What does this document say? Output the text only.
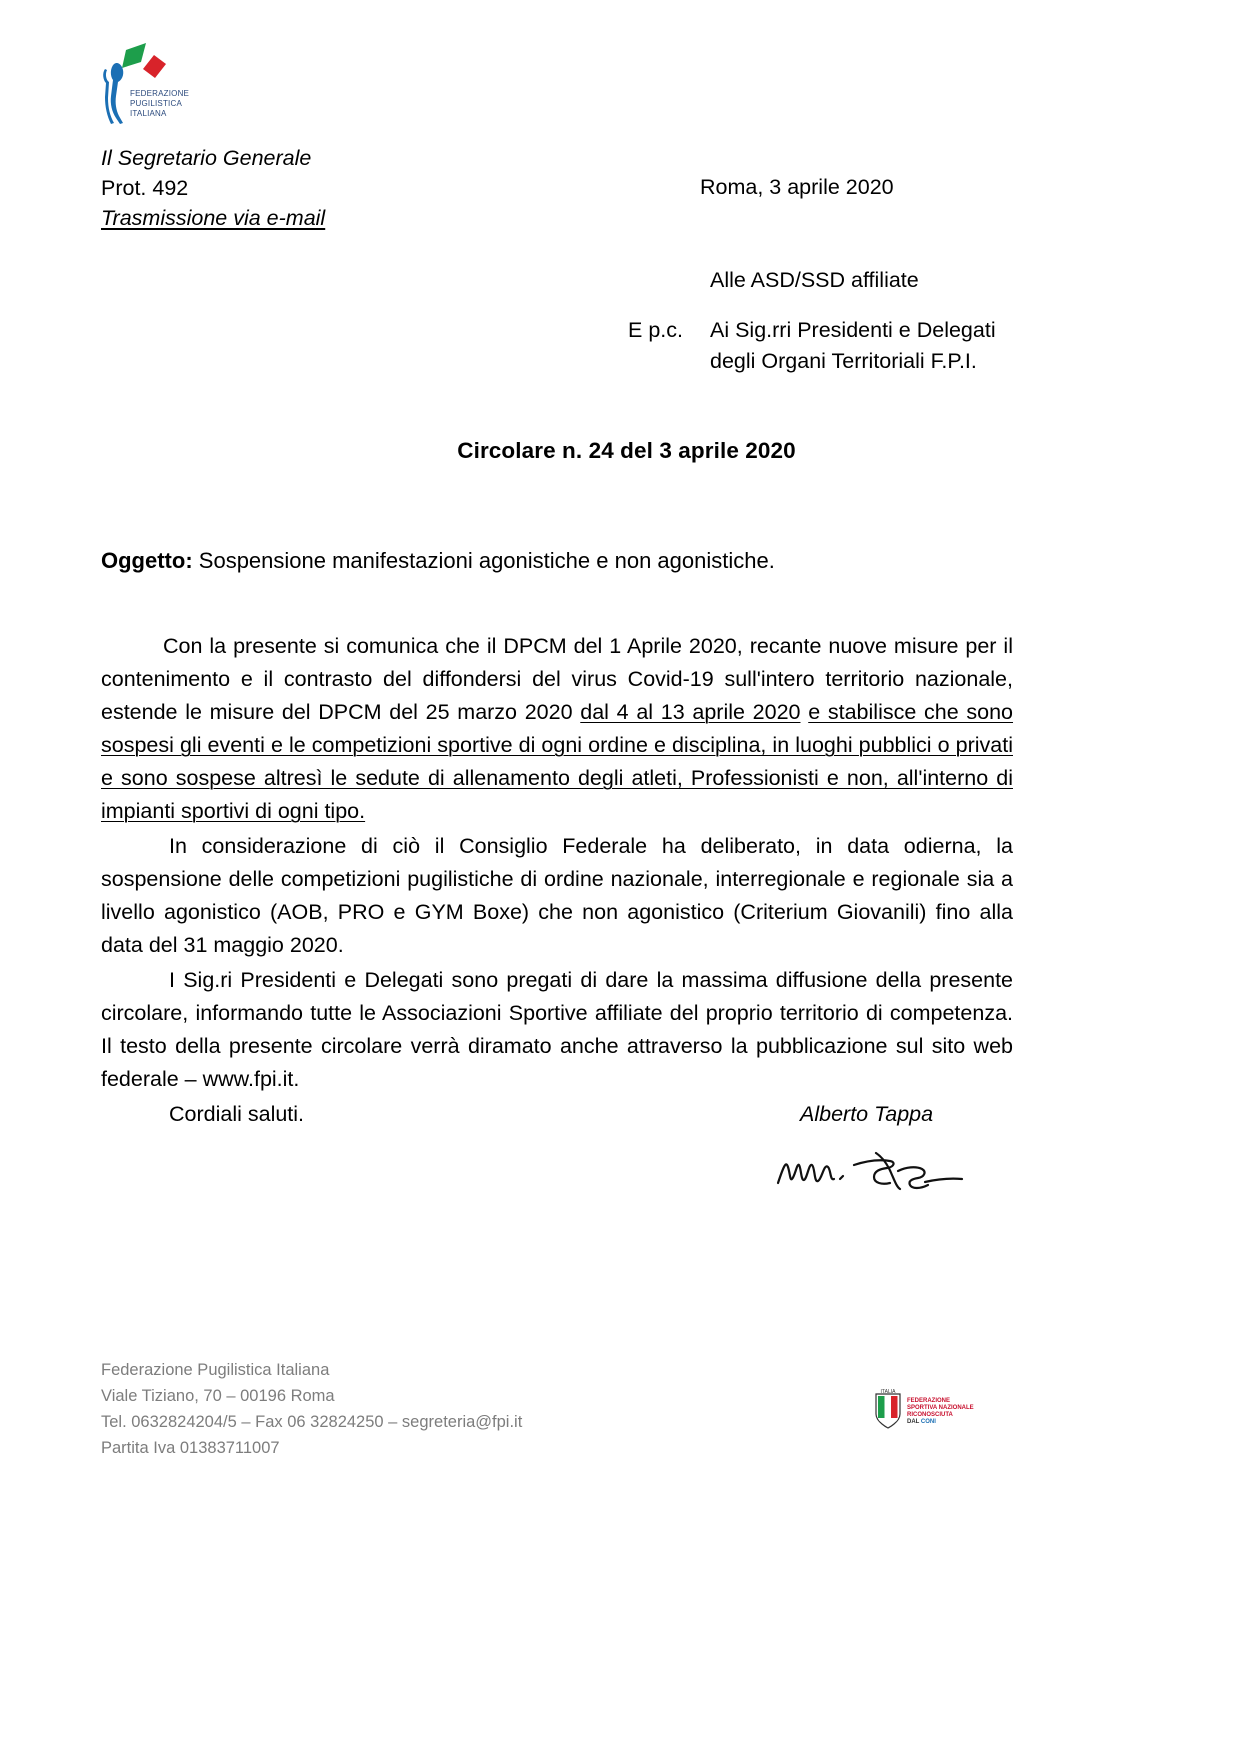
FEDERAZIONE
PUGILISTICA
ITALIANA
Il Segretario Generale
Prot. 492
Trasmissione via e-mail
Roma, 3 aprile 2020
Alle ASD/SSD affiliate
E p.c.	Ai Sig.rri Presidenti e Delegati
degli Organi Territoriali F.P.I.
Circolare n. 24 del 3 aprile 2020
Oggetto: Sospensione manifestazioni agonistiche e non agonistiche.

Con la presente si comunica che il DPCM del 1 Aprile 2020, recante nuove misure per il contenimento e il contrasto del diffondersi del virus Covid-19 sull'intero territorio nazionale, estende le misure del DPCM del 25 marzo 2020 dal 4 al 13 aprile 2020 e stabilisce che sono sospesi gli eventi e le competizioni sportive di ogni ordine e disciplina, in luoghi pubblici o privati e sono sospese altresì le sedute di allenamento degli atleti, Professionisti e non, all'interno di impianti sportivi di ogni tipo.

In considerazione di ciò il Consiglio Federale ha deliberato, in data odierna, la sospensione delle competizioni pugilistiche di ordine nazionale, interregionale e regionale sia a livello agonistico (AOB, PRO e GYM Boxe) che non agonistico (Criterium Giovanili) fino alla data del 31 maggio 2020.

I Sig.ri Presidenti e Delegati sono pregati di dare la massima diffusione della presente circolare, informando tutte le Associazioni Sportive affiliate del proprio territorio di competenza. Il testo della presente circolare verrà diramato anche attraverso la pubblicazione sul sito web federale – www.fpi.it.

Cordiali saluti.	Alberto Tappa
Federazione Pugilistica Italiana
Viale Tiziano, 70 – 00196 Roma
Tel. 0632824204/5 – Fax 06 32824250 – segreteria@fpi.it
Partita Iva 01383711007
ITALIA
FEDERAZIONE
SPORTIVA NAZIONALE
RICONOSCIUTA
DAL CONI
